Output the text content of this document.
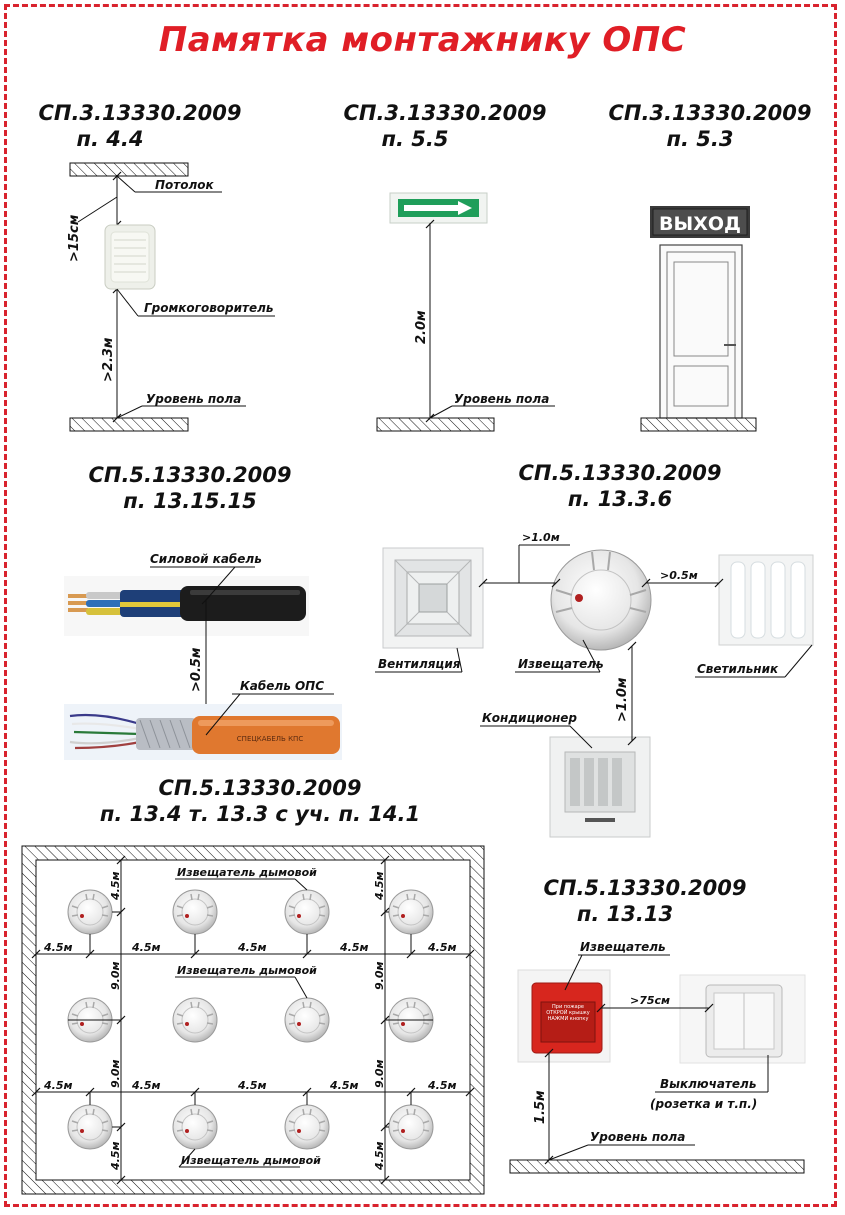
Памятка монтажнику ОПС
СП.3.13330.2009
п. 4.4
СП.3.13330.2009
п. 5.5
СП.3.13330.2009
п. 5.3
СП.5.13330.2009
п. 13.15.15
СП.5.13330.2009
п. 13.3.6
СП.5.13330.2009
п. 13.4 т. 13.3 с уч. п. 14.1
СП.5.13330.2009
п. 13.13
Потолок
Громкоговоритель
Уровень пола
>15см
>2.3м
2.0м
Уровень пола
ВЫХОД
Силовой кабель
>0.5м
СПЕЦКАБЕЛЬ КПС
Кабель ОПС
>1.0м
>0.5м
>1.0м
Вентиляция	Извещатель	Светильник
Кондиционер
4.5м	4.5м	4.5м	4.5м	4.5м
4.5м	4.5м	4.5м	4.5м	4.5м
4.5м	4.5м
9.0м	9.0м
9.0м	9.0м
4.5м	4.5м
Извещатель дымовой
Извещатель дымовой
Извещатель дымовой
При пожаре ОТКРОЙ крышку НАЖМИ кнопку
>75см
1.5м
Уровень пола
Извещатель
Выключатель
(розетка и т.п.)
